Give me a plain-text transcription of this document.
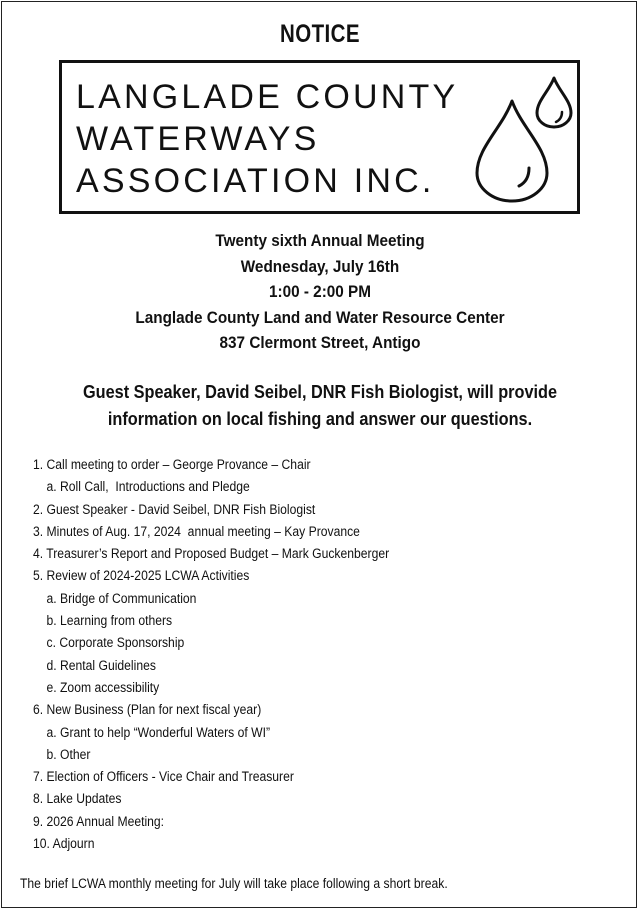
NOTICE
LANGLADE COUNTY
WATERWAYS
ASSOCIATION INC.
Twenty sixth Annual Meeting
Wednesday, July 16th
1:00 - 2:00 PM
Langlade County Land and Water Resource Center
837 Clermont Street, Antigo
Guest Speaker, David Seibel, DNR Fish Biologist, will provide
information on local fishing and answer our questions.
1. Call meeting to order – George Provance – Chair
a. Roll Call,  Introductions and Pledge
2. Guest Speaker - David Seibel, DNR Fish Biologist
3. Minutes of Aug. 17, 2024  annual meeting – Kay Provance
4. Treasurer’s Report and Proposed Budget – Mark Guckenberger
5. Review of 2024-2025 LCWA Activities
a. Bridge of Communication
b. Learning from others
c. Corporate Sponsorship
d. Rental Guidelines
e. Zoom accessibility
6. New Business (Plan for next fiscal year)
a. Grant to help “Wonderful Waters of WI”
b. Other
7. Election of Officers - Vice Chair and Treasurer
8. Lake Updates
9. 2026 Annual Meeting:
10. Adjourn
The brief LCWA monthly meeting for July will take place following a short break.
